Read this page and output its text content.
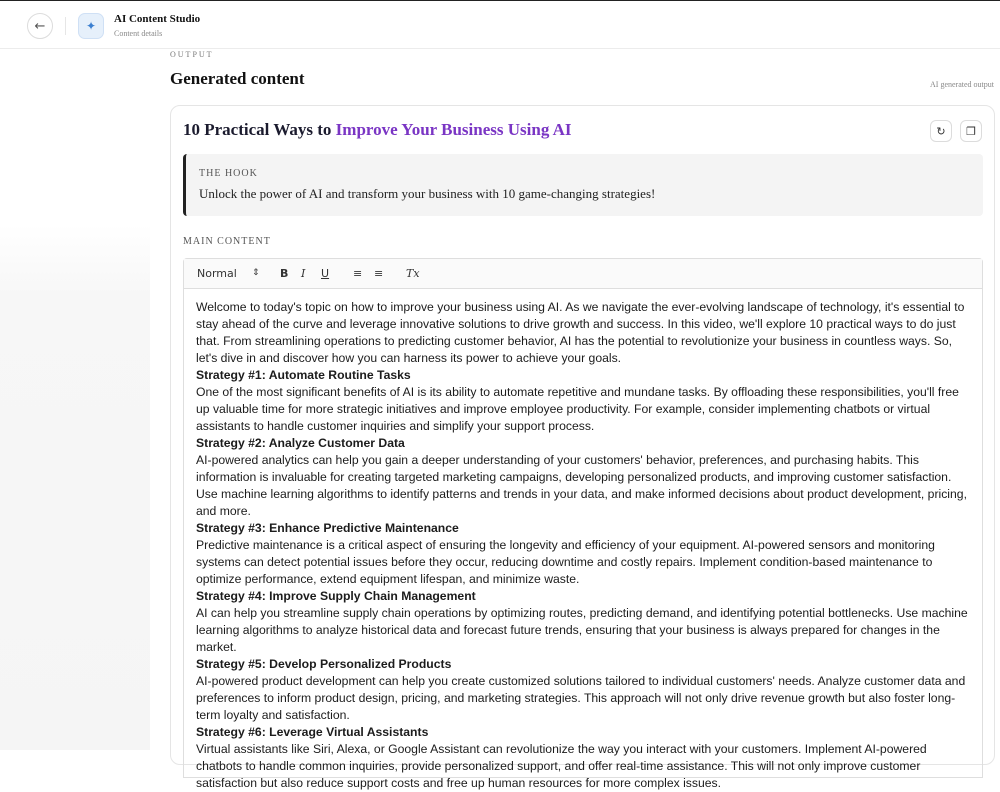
←	✦	AI Content Studio
Content details
OUTPUT
Generated content	AI generated output
10 Practical Ways to Improve Your Business Using AI	↻ ❐
THE HOOK
Unlock the power of AI and transform your business with 10 game-changing strategies!
MAIN CONTENT
Normal ⇕ B I U ≡ ≡ Tx

Welcome to today's topic on how to improve your business using AI. As we navigate the ever-evolving landscape of technology, it's essential to stay ahead of the curve and leverage innovative solutions to drive growth and success. In this video, we'll explore 10 practical ways to do just that. From streamlining operations to predicting customer behavior, AI has the potential to revolutionize your business in countless ways. So, let's dive in and discover how you can harness its power to achieve your goals.

Strategy #1: Automate Routine Tasks

One of the most significant benefits of AI is its ability to automate repetitive and mundane tasks. By offloading these responsibilities, you'll free up valuable time for more strategic initiatives and improve employee productivity. For example, consider implementing chatbots or virtual assistants to handle customer inquiries and simplify your support process.

Strategy #2: Analyze Customer Data

AI-powered analytics can help you gain a deeper understanding of your customers' behavior, preferences, and purchasing habits. This information is invaluable for creating targeted marketing campaigns, developing personalized products, and improving customer satisfaction. Use machine learning algorithms to identify patterns and trends in your data, and make informed decisions about product development, pricing, and more.

Strategy #3: Enhance Predictive Maintenance

Predictive maintenance is a critical aspect of ensuring the longevity and efficiency of your equipment. AI-powered sensors and monitoring systems can detect potential issues before they occur, reducing downtime and costly repairs. Implement condition-based maintenance to optimize performance, extend equipment lifespan, and minimize waste.

Strategy #4: Improve Supply Chain Management

AI can help you streamline supply chain operations by optimizing routes, predicting demand, and identifying potential bottlenecks. Use machine learning algorithms to analyze historical data and forecast future trends, ensuring that your business is always prepared for changes in the market.

Strategy #5: Develop Personalized Products

AI-powered product development can help you create customized solutions tailored to individual customers' needs. Analyze customer data and preferences to inform product design, pricing, and marketing strategies. This approach will not only drive revenue growth but also foster long-term loyalty and satisfaction.

Strategy #6: Leverage Virtual Assistants

Virtual assistants like Siri, Alexa, or Google Assistant can revolutionize the way you interact with your customers. Implement AI-powered chatbots to handle common inquiries, provide personalized support, and offer real-time assistance. This will not only improve customer satisfaction but also reduce support costs and free up human resources for more complex issues.
